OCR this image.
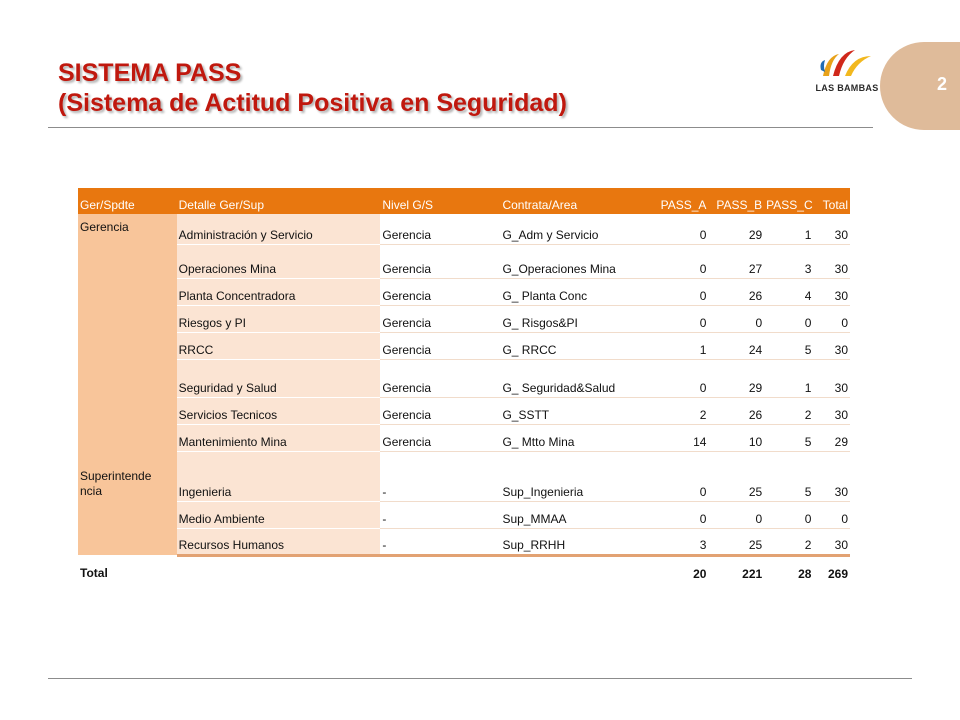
SISTEMA PASS
(Sistema de Actitud Positiva en Seguridad)
2
LAS BAMBAS
Ger/Spdte	Detalle Ger/Sup	Nivel G/S	Contrata/Area	PASS_A	PASS_B	PASS_C	Total
Gerencia	Administración y Servicio	Gerencia	G_Adm y Servicio	0	29	1	30
	Operaciones Mina	Gerencia	G_Operaciones Mina	0	27	3	30
	Planta Concentradora	Gerencia	G_ Planta Conc	0	26	4	30
	Riesgos y PI	Gerencia	G_ Risgos&PI	0	0	0	0
	RRCC	Gerencia	G_ RRCC	1	24	5	30
	Seguridad y Salud	Gerencia	G_ Seguridad&Salud	0	29	1	30
	Servicios Tecnicos	Gerencia	G_SSTT	2	26	2	30
	Mantenimiento Mina	Gerencia	G_ Mtto Mina	14	10	5	29

Superintende
ncia	Ingenieria	-	Sup_Ingenieria	0	25	5	30
	Medio Ambiente	-	Sup_MMAA	0	0	0	0
	Recursos Humanos	-	Sup_RRHH	3	25	2	30
Total				20	221	28	269
